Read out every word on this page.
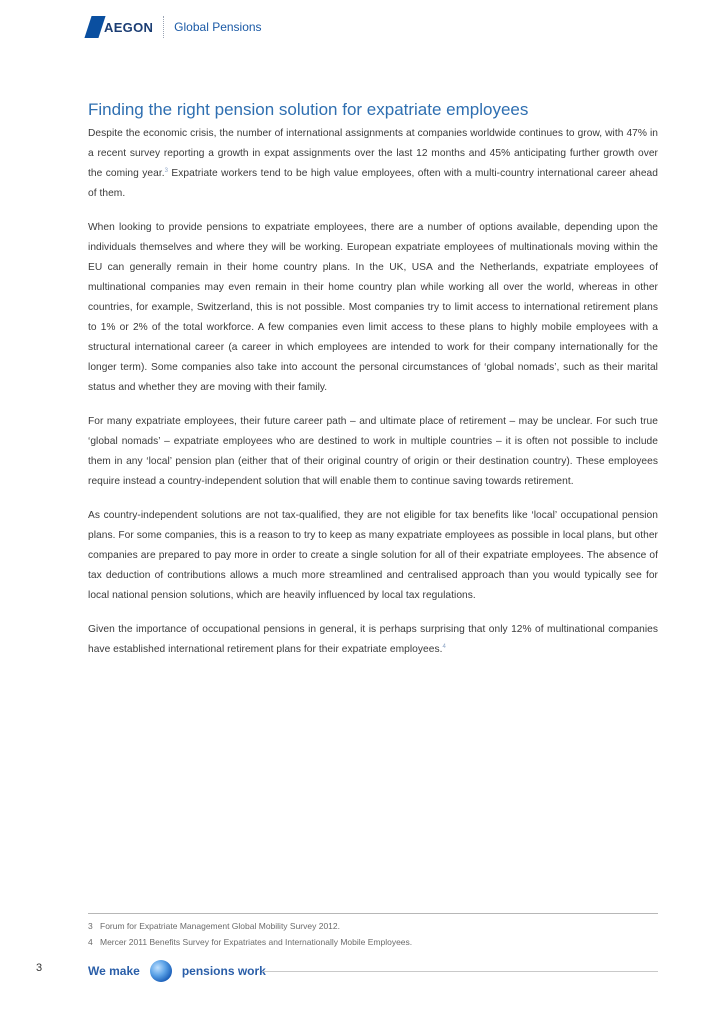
AEGON Global Pensions
Finding the right pension solution for expatriate employees

Despite the economic crisis, the number of international assignments at companies worldwide continues to grow, with 47% in a recent survey reporting a growth in expat assignments over the last 12 months and 45% anticipating further growth over the coming year.$^3$ Expatriate workers tend to be high value employees, often with a multi-country international career ahead of them.

When looking to provide pensions to expatriate employees, there are a number of options available, depending upon the individuals themselves and where they will be working. European expatriate employees of multinationals moving within the EU can generally remain in their home country plans. In the UK, USA and the Netherlands, expatriate employees of multinational companies may even remain in their home country plan while working all over the world, whereas in other countries, for example, Switzerland, this is not possible. Most companies try to limit access to international retirement plans to 1% or 2% of the total workforce. A few companies even limit access to these plans to highly mobile employees with a structural international career (a career in which employees are intended to work for their company internationally for the longer term). Some companies also take into account the personal circumstances of ‘global nomads’, such as their marital status and whether they are moving with their family.

For many expatriate employees, their future career path – and ultimate place of retirement – may be unclear. For such true ‘global nomads’ – expatriate employees who are destined to work in multiple countries – it is often not possible to include them in any ‘local’ pension plan (either that of their original country of origin or their destination country). These employees require instead a country-independent solution that will enable them to continue saving towards retirement.

As country-independent solutions are not tax-qualified, they are not eligible for tax benefits like ‘local’ occupational pension plans. For some companies, this is a reason to try to keep as many expatriate employees as possible in local plans, but other companies are prepared to pay more in order to create a single solution for all of their expatriate employees. The absence of tax deduction of contributions allows a much more streamlined and centralised approach than you would typically see for local national pension solutions, which are heavily influenced by local tax regulations.

Given the importance of occupational pensions in general, it is perhaps surprising that only 12% of multinational companies have established international retirement plans for their expatriate employees.$^4$

3 Forum for Expatriate Management Global Mobility Survey 2012.
4 Mercer 2011 Benefits Survey for Expatriates and Internationally Mobile Employees.
3	We make	pensions work
